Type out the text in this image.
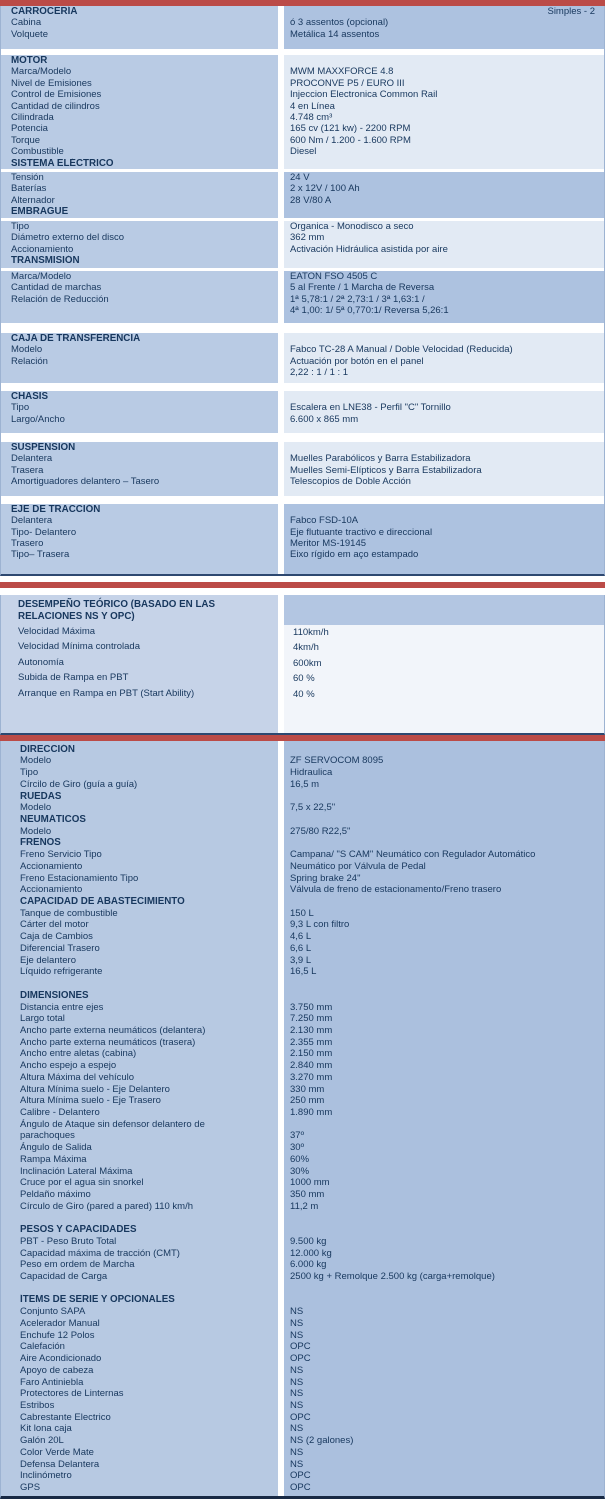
CARROCERÍA	Simples - 2
Cabina	ó 3 assentos (opcional)
Volquete	Metálica 14 assentos
MOTOR
Marca/Modelo	MWM MAXXFORCE 4.8
Nivel de Emisiones	PROCONVE P5 / EURO III
Control de Emisiones	Injeccion Electronica Common Rail
Cantidad de cilindros	4 en Línea
Cilindrada	4.748 cm³
Potencia	165 cv (121 kw) - 2200 RPM
Torque	600 Nm / 1.200 - 1.600 RPM
Combustible	Diesel
SISTEMA ELÉCTRICO
Tensión	24 V
Baterías	2 x 12V / 100 Ah
Alternador	28 V/80 A
EMBRAGUE
Tipo	Organica - Monodisco a seco
Diámetro externo del disco	362 mm
Accionamiento	Activación Hidráulica asistida por aire
TRANSMISIÓN
Marca/Modelo	EATON FSO 4505 C
Cantidad de marchas	5 al Frente / 1 Marcha de Reversa
Relación de Reducción	1ª 5,78:1 / 2ª 2,73:1 / 3ª 1,63:1 /
4ª 1,00: 1/ 5ª 0,770:1/ Reversa 5,26:1
CAJA DE TRANSFERENCIA
Modelo	Fabco TC-28 A Manual / Doble Velocidad (Reducida)
Relación	Actuación por botón en el panel
2,22 : 1 / 1 : 1
CHASIS
Tipo	Escalera en LNE38 - Perfil "C" Tornillo
Largo/Ancho	6.600 x 865 mm
SUSPENSION
Delantera	Muelles Parabólicos y Barra Estabilizadora
Trasera	Muelles Semi-Elípticos y Barra Estabilizadora
Amortiguadores delantero – Tasero	Telescopios de Doble Acción
EJE DE TRACCIÓN
Delantera	Fabco FSD-10A
Tipo- Delantero	Eje flutuante tractivo e direccional
Trasero	Meritor MS-19145
Tipo– Trasera	Eixo rígido em aço estampado
DESEMPEÑO TEÓRICO (BASADO EN LAS RELACIONES NS Y OPC)
Velocidad Máxima	110km/h
Velocidad Mínima controlada	4km/h
Autonomía	600km
Subida de Rampa en PBT	60 %
Arranque en Rampa en PBT (Start Ability)	40 %
DIRECCIÓN
Modelo	ZF SERVOCOM 8095
Tipo	Hidraulica
Círcilo de Giro (guía a guía)	16,5 m
RUEDAS
Modelo	7,5 x 22,5"
NEUMÁTICOS
Modelo	275/80 R22,5"
FRENOS
Freno Servicio Tipo	Campana/ "S CAM" Neumático con Regulador Automático
Accionamiento	Neumático por Válvula de Pedal
Freno Estacionamiento Tipo	Spring brake 24"
Accionamiento	Válvula de freno de estacionamento/Freno trasero
CAPACIDAD DE ABASTECIMIENTO
Tanque de combustible	150 L
Cárter del motor	9,3 L con filtro
Caja de Cambios	4,6 L
Diferencial Trasero	6,6 L
Eje delantero	3,9 L
Líquido refrigerante	16,5 L
DIMENSIONES
Distancia entre ejes	3.750 mm
Largo total	7.250 mm
Ancho parte externa neumáticos (delantera)	2.130 mm
Ancho parte externa neumáticos (trasera)	2.355 mm
Ancho entre aletas (cabina)	2.150 mm
Ancho espejo a espejo	2.840 mm
Altura Máxima del vehículo	3.270 mm
Altura Mínima suelo - Eje Delantero	330 mm
Altura Mínima suelo - Eje Trasero	250 mm
Calibre - Delantero	1.890 mm
Ángulo de Ataque sin defensor delantero de parachoques	37º
Ángulo de Salida	30º
Rampa Máxima	60%
Inclinación Lateral Máxima	30%
Cruce por el agua sin snorkel	1000 mm
Peldaño máximo	350 mm
Círculo de Giro (pared a pared) 110 km/h	11,2 m
PESOS Y CAPACIDADES
PBT - Peso Bruto Total	9.500 kg
Capacidad máxima de tracción (CMT)	12.000 kg
Peso em ordem de Marcha	6.000 kg
Capacidad de Carga	2500 kg + Remolque 2.500 kg (carga+remolque)
ÍTEMS DE SERIE Y OPCIONALES
Conjunto SAPA	NS
Acelerador Manual	NS
Enchufe 12 Polos	NS
Calefación	OPC
Aire Acondicionado	OPC
Apoyo de cabeza	NS
Faro Antiniebla	NS
Protectores de Linternas	NS
Estribos	NS
Cabrestante Electrico	OPC
Kit lona caja	NS
Galón 20L	NS (2 galones)
Color Verde Mate	NS
Defensa Delantera	NS
Inclinómetro	OPC
GPS	OPC
